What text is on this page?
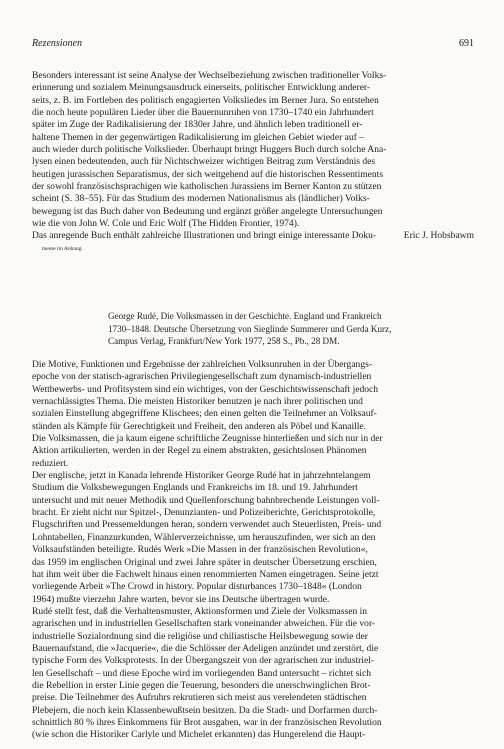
Rezensionen	691
Besonders interessant ist seine Analyse der Wechselbeziehung zwischen traditioneller Volks-
erinnerung und sozialem Meinungsausdruck einerseits, politischer Entwicklung anderer-
seits, z. B. im Fortleben des politisch engagierten Volksliedes im Berner Jura. So entstehen
die noch heute populären Lieder über die Bauernunruhen von 1730–1740 ein Jahrhundert
später im Zuge der Radikalisierung der 1830er Jahre, und ähnlich leben traditionell er-
haltene Themen in der gegenwärtigen Radikalisierung im gleichen Gebiet wieder auf –
auch wieder durch politische Volkslieder. Überhaupt bringt Huggers Buch durch solche Ana-
lysen einen bedeutenden, auch für Nichtschweizer wichtigen Beitrag zum Verständnis des
heutigen jurassischen Separatismus, der sich weitgehend auf die historischen Ressentiments
der sowohl französischsprachigen wie katholischen Jurassiens im Berner Kanton zu stützen
scheint (S. 38–55). Für das Studium des modernen Nationalismus als (ländlicher) Volks-
bewegung ist das Buch daher von Bedeutung und ergänzt größer angelegte Untersuchungen
wie die von John W. Cole und Eric Wolf (The Hidden Frontier, 1974).
Das anregende Buch enthält zahlreiche Illustrationen und bringt einige interessante Doku-
mente im Anhang.
Eric J. Hobsbawm
George Rudé, Die Volksmassen in der Geschichte. England und Frankreich
1730–1848. Deutsche Übersetzung von Sieglinde Summerer und Gerda Kurz,
Campus Verlag, Frankfurt/New York 1977, 258 S., Pb., 28 DM.
Die Motive, Funktionen und Ergebnisse der zahlreichen Volksunruhen in der Übergangs-
epoche von der statisch-agrarischen Privilegiengesellschaft zum dynamisch-industriellen
Wettbewerbs- und Profitsystem sind ein wichtiges, von der Geschichtswissenschaft jedoch
vernachlässigtes Thema. Die meisten Historiker benutzen je nach ihrer politischen und
sozialen Einstellung abgegriffene Klischees; den einen gelten die Teilnehmer an Volksauf-
ständen als Kämpfe für Gerechtigkeit und Freiheit, den anderen als Pöbel und Kanaille.
Die Volksmassen, die ja kaum eigene schriftliche Zeugnisse hinterließen und sich nur in der
Aktion artikulierten, werden in der Regel zu einem abstrakten, gesichtslosen Phänomen
reduziert.
Der englische, jetzt in Kanada lehrende Historiker George Rudé hat in jahrzehntelangem
Studium die Volksbewegungen Englands und Frankreichs im 18. und 19. Jahrhundert
untersucht und mit neuer Methodik und Quellenforschung bahnbrechende Leistungen voll-
bracht. Er zieht nicht nur Spitzel-, Denunzianten- und Polizeiberichte, Gerichtsprotokolle,
Flugschriften und Pressemeldungen heran, sondern verwendet auch Steuerlisten, Preis- und
Lohntabellen, Finanzurkunden, Wählerverzeichnisse, um herauszufinden, wer sich an den
Volksaufständen beteiligte. Rudés Werk »Die Massen in der französischen Revolution«,
das 1959 im englischen Original und zwei Jahre später in deutscher Übersetzung erschien,
hat ihm weit über die Fachwelt hinaus einen renommierten Namen eingetragen. Seine jetzt
vorliegende Arbeit »The Crowd in history. Popular disturbances 1730–1848« (London
1964) mußte vierzehn Jahre warten, bevor sie ins Deutsche übertragen wurde.
Rudé stellt fest, daß die Verhaltensmuster, Aktionsformen und Ziele der Volksmassen in
agrarischen und in industriellen Gesellschaften stark voneinander abweichen. Für die vor-
industrielle Sozialordnung sind die religiöse und chiliastische Heilsbewegung sowie der
Bauernaufstand, die »Jacquerie«, die die Schlösser der Adeligen anzündet und zerstört, die
typische Form des Volksprotests. In der Übergangszeit von der agrarischen zur industriel-
len Gesellschaft – und diese Epoche wird im vorliegenden Band untersucht – richtet sich
die Rebellion in erster Linie gegen die Teuerung, besonders die unerschwinglichen Brot-
preise. Die Teilnehmer des Aufruhrs rekrutieren sich meist aus verelendeten städtischen
Plebejern, die noch kein Klassenbewußtsein besitzen. Da die Stadt- und Dorfarmen durch-
schnittlich 80 % ihres Einkommens für Brot ausgaben, war in der französischen Revolution
(wie schon die Historiker Carlyle und Michelet erkannten) das Hungerelend die Haupt-
